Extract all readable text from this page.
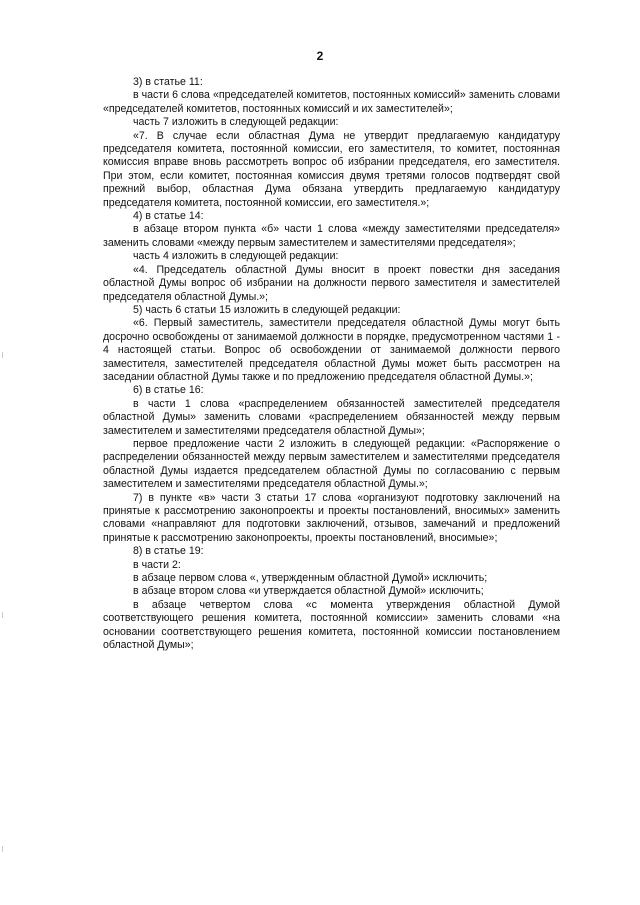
2

3) в статье 11:

в части 6 слова «председателей комитетов, постоянных комиссий» заменить словами «председателей комитетов, постоянных комиссий и их заместителей»;

часть 7 изложить в следующей редакции:

«7. В случае если областная Дума не утвердит предлагаемую кандидатуру председателя комитета, постоянной комиссии, его заместителя, то комитет, постоянная комиссия вправе вновь рассмотреть вопрос об избрании председателя, его заместителя. При этом, если комитет, постоянная комиссия двумя третями голосов подтвердят свой прежний выбор, областная Дума обязана утвердить предлагаемую кандидатуру председателя комитета, постоянной комиссии, его заместителя.»;

4) в статье 14:

в абзаце втором пункта «б» части 1 слова «между заместителями председателя» заменить словами «между первым заместителем и заместителями председателя»;

часть 4 изложить в следующей редакции:

«4. Председатель областной Думы вносит в проект повестки дня заседания областной Думы вопрос об избрании на должности первого заместителя и заместителей председателя областной Думы.»;

5) часть 6 статьи 15 изложить в следующей редакции:

«6. Первый заместитель, заместители председателя областной Думы могут быть досрочно освобождены от занимаемой должности в порядке, предусмотренном частями 1 - 4 настоящей статьи. Вопрос об освобождении от занимаемой должности первого заместителя, заместителей председателя областной Думы может быть рассмотрен на заседании областной Думы также и по предложению председателя областной Думы.»;

6) в статье 16:

в части 1 слова «распределением обязанностей заместителей председателя областной Думы» заменить словами «распределением обязанностей между первым заместителем и заместителями председателя областной Думы»;

первое предложение части 2 изложить в следующей редакции: «Распоряжение о распределении обязанностей между первым заместителем и заместителями председателя областной Думы издается председателем областной Думы по согласованию с первым заместителем и заместителями председателя областной Думы.»;

7) в пункте «в» части 3 статьи 17 слова «организуют подготовку заключений на принятые к рассмотрению законопроекты и проекты постановлений, вносимых» заменить словами «направляют для подготовки заключений, отзывов, замечаний и предложений принятые к рассмотрению законопроекты, проекты постановлений, вносимые»;

8) в статье 19:

в части 2:

в абзаце первом слова «, утвержденным областной Думой» исключить;

в абзаце втором слова «и утверждается областной Думой» исключить;

в абзаце четвертом слова «с момента утверждения областной Думой соответствующего решения комитета, постоянной комиссии» заменить словами «на основании соответствующего решения комитета, постоянной комиссии постановлением областной Думы»;
